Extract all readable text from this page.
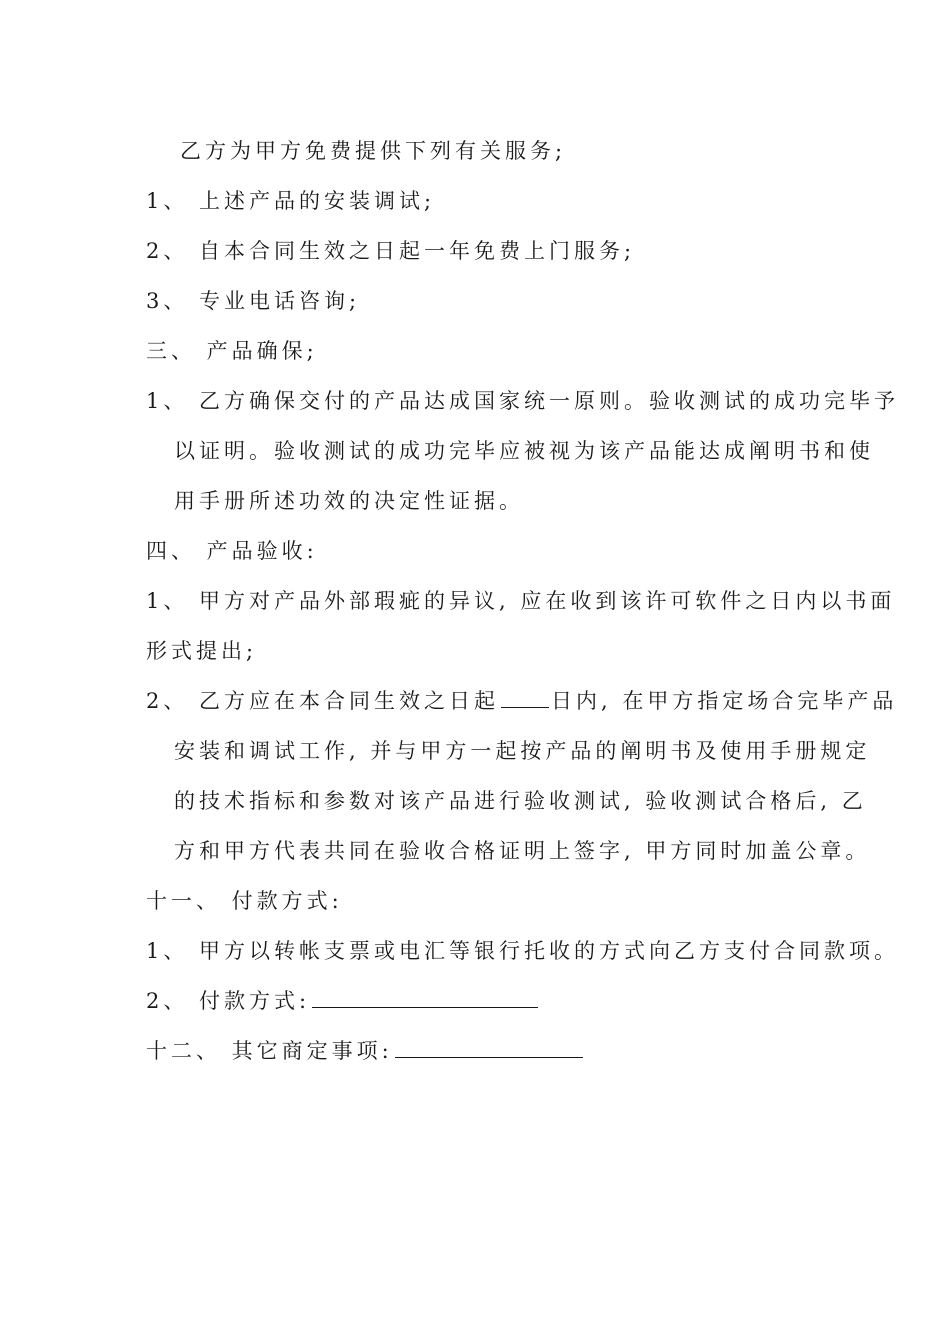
乙方为甲方免费提供下列有关服务;
1、 上述产品的安装调试;
2、 自本合同生效之日起一年免费上门服务;
3、 专业电话咨询;
三、 产品确保;
1、 乙方确保交付的产品达成国家统一原则。验收测试的成功完毕予
以证明。验收测试的成功完毕应被视为该产品能达成阐明书和使
用手册所述功效的决定性证据。
四、 产品验收:
1、 甲方对产品外部瑕疵的异议, 应在收到该许可软件之日内以书面
形式提出;
2、 乙方应在本合同生效之日起 日内, 在甲方指定场合完毕产品
安装和调试工作, 并与甲方一起按产品的阐明书及使用手册规定
的技术指标和参数对该产品进行验收测试, 验收测试合格后, 乙
方和甲方代表共同在验收合格证明上签字, 甲方同时加盖公章。
十一、 付款方式:
1、 甲方以转帐支票或电汇等银行托收的方式向乙方支付合同款项。
2、 付款方式:
十二、 其它商定事项:
